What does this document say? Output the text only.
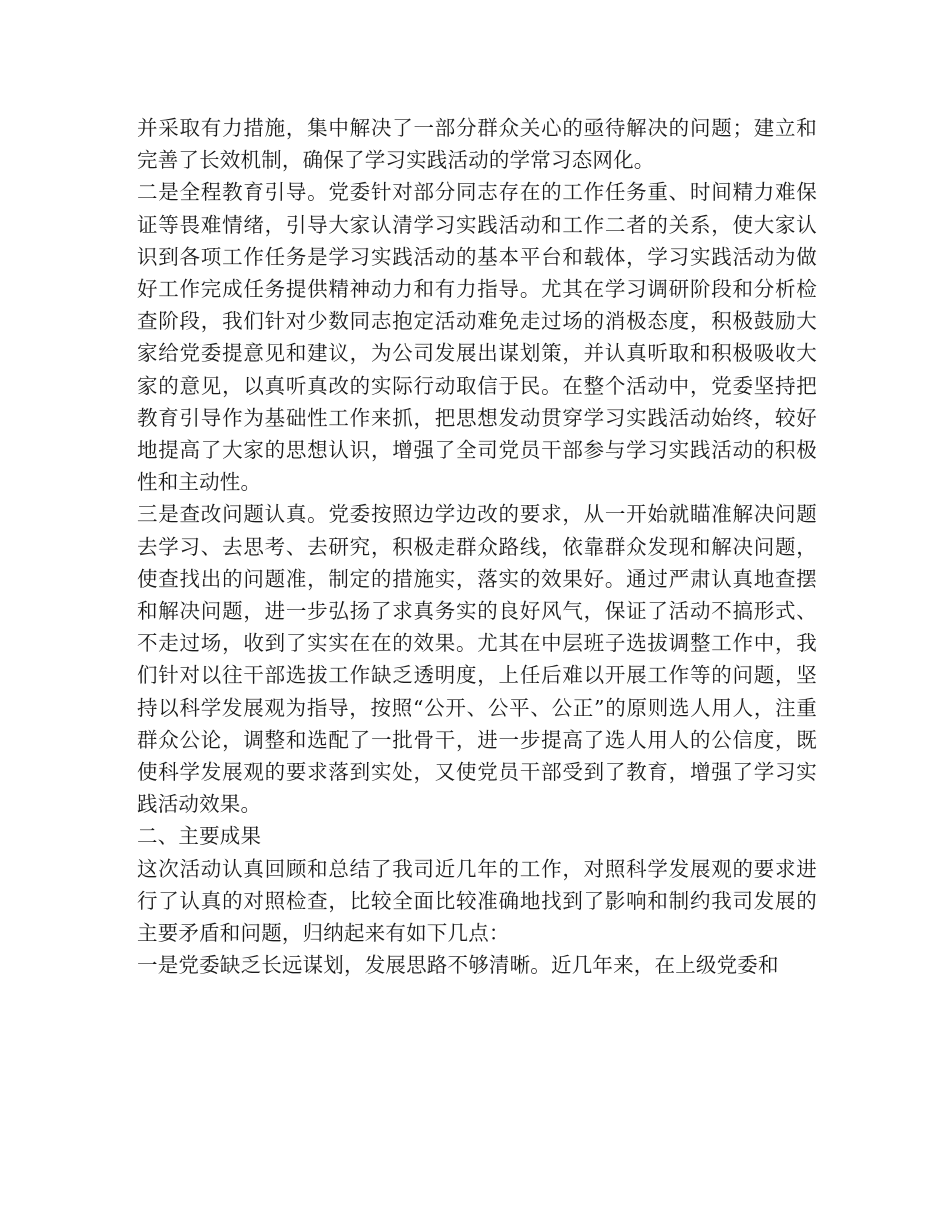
并采取有力措施，集中解决了一部分群众关心的亟待解决的问题；建立和完善了长效机制，确保了学习实践活动的学常习态网化。

二是全程教育引导。党委针对部分同志存在的工作任务重、时间精力难保证等畏难情绪，引导大家认清学习实践活动和工作二者的关系，使大家认识到各项工作任务是学习实践活动的基本平台和载体，学习实践活动为做好工作完成任务提供精神动力和有力指导。尤其在学习调研阶段和分析检查阶段，我们针对少数同志抱定活动难免走过场的消极态度，积极鼓励大家给党委提意见和建议，为公司发展出谋划策，并认真听取和积极吸收大家的意见，以真听真改的实际行动取信于民。在整个活动中，党委坚持把教育引导作为基础性工作来抓，把思想发动贯穿学习实践活动始终，较好地提高了大家的思想认识，增强了全司党员干部参与学习实践活动的积极性和主动性。

三是查改问题认真。党委按照边学边改的要求，从一开始就瞄准解决问题去学习、去思考、去研究，积极走群众路线，依靠群众发现和解决问题，使查找出的问题准，制定的措施实，落实的效果好。通过严肃认真地查摆和解决问题，进一步弘扬了求真务实的良好风气，保证了活动不搞形式、不走过场，收到了实实在在的效果。尤其在中层班子选拔调整工作中，我们针对以往干部选拔工作缺乏透明度，上任后难以开展工作等的问题，坚持以科学发展观为指导，按照“公开、公平、公正”的原则选人用人，注重群众公论，调整和选配了一批骨干，进一步提高了选人用人的公信度，既使科学发展观的要求落到实处，又使党员干部受到了教育，增强了学习实践活动效果。

二、主要成果

这次活动认真回顾和总结了我司近几年的工作，对照科学发展观的要求进行了认真的对照检查，比较全面比较准确地找到了影响和制约我司发展的主要矛盾和问题，归纳起来有如下几点：

一是党委缺乏长远谋划，发展思路不够清晰。近几年来，在上级党委和
